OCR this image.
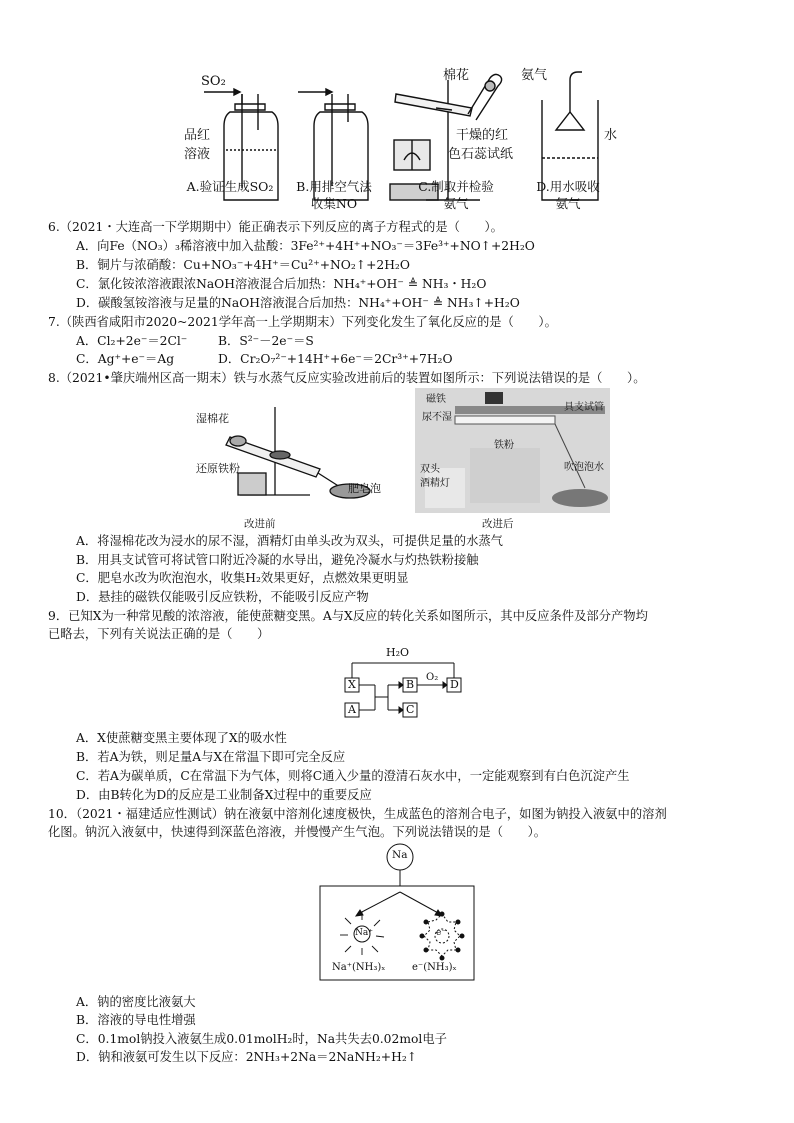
SO₂
品红
溶液
棉花	氨气
干燥的红
色石蕊试纸
水
A.验证生成SO₂	B.用排空气法
收集NO
C.制取并检验
氨气
D.用水吸收
氨气
6.（2021・大连高一下学期期中）能正确表示下列反应的离子方程式的是（　　）。
A．向Fe（NO₃）₃稀溶液中加入盐酸：3Fe²⁺+4H⁺+NO₃⁻＝3Fe³⁺+NO↑+2H₂O
B．铜片与浓硝酸：Cu+NO₃⁻+4H⁺＝Cu²⁺+NO₂↑+2H₂O
C．氯化铵浓溶液跟浓NaOH溶液混合后加热：NH₄⁺+OH⁻ ≜ NH₃・H₂O
D．碳酸氢铵溶液与足量的NaOH溶液混合后加热：NH₄⁺+OH⁻ ≜ NH₃↑+H₂O
7.（陕西省咸阳市2020~2021学年高一上学期期末）下列变化发生了氧化反应的是（　　）。
A．Cl₂+2e⁻＝2Cl⁻ B．S²⁻－2e⁻＝S
C．Ag⁺+e⁻＝Ag	D．Cr₂O₇²⁻+14H⁺+6e⁻＝2Cr³⁺+7H₂O
8.（2021•肇庆端州区高一期末）铁与水蒸气反应实验改进前后的装置如图所示：下列说法错误的是（　　）。
湿棉花
还原铁粉
肥皂泡
改进前
磁铁
尿不湿
铁粉
具支试管
双头
酒精灯
吹泡泡水
改进后
A．将湿棉花改为浸水的尿不湿，酒精灯由单头改为双头，可提供足量的水蒸气
B．用具支试管可将试管口附近冷凝的水导出，避免冷凝水与灼热铁粉接触
C．肥皂水改为吹泡泡水，收集H₂效果更好，点燃效果更明显
D．悬挂的磁铁仅能吸引反应铁粉，不能吸引反应产物
9．已知X为一种常见酸的浓溶液，能使蔗糖变黑。A与X反应的转化关系如图所示，其中反应条件及部分产物均
已略去，下列有关说法正确的是（　　）
H₂O
O₂
X
A
B
C
D
A．X使蔗糖变黑主要体现了X的吸水性
B．若A为铁，则足量A与X在常温下即可完全反应
C．若A为碳单质，C在常温下为气体，则将C通入少量的澄清石灰水中，一定能观察到有白色沉淀产生
D．由B转化为D的反应是工业制备X过程中的重要反应
10．（2021・福建适应性测试）钠在液氨中溶剂化速度极快，生成蓝色的溶剂合电子，如图为钠投入液氨中的溶剂
化图。钠沉入液氨中，快速得到深蓝色溶液，并慢慢产生气泡。下列说法错误的是（　　）。
Na
Na⁺	e⁻
Na⁺(NH₃)ₓ	e⁻(NH₃)ₓ
A．钠的密度比液氨大
B．溶液的导电性增强
C．0.1mol钠投入液氨生成0.01molH₂时，Na共失去0.02mol电子
D．钠和液氨可发生以下反应：2NH₃+2Na＝2NaNH₂+H₂↑
